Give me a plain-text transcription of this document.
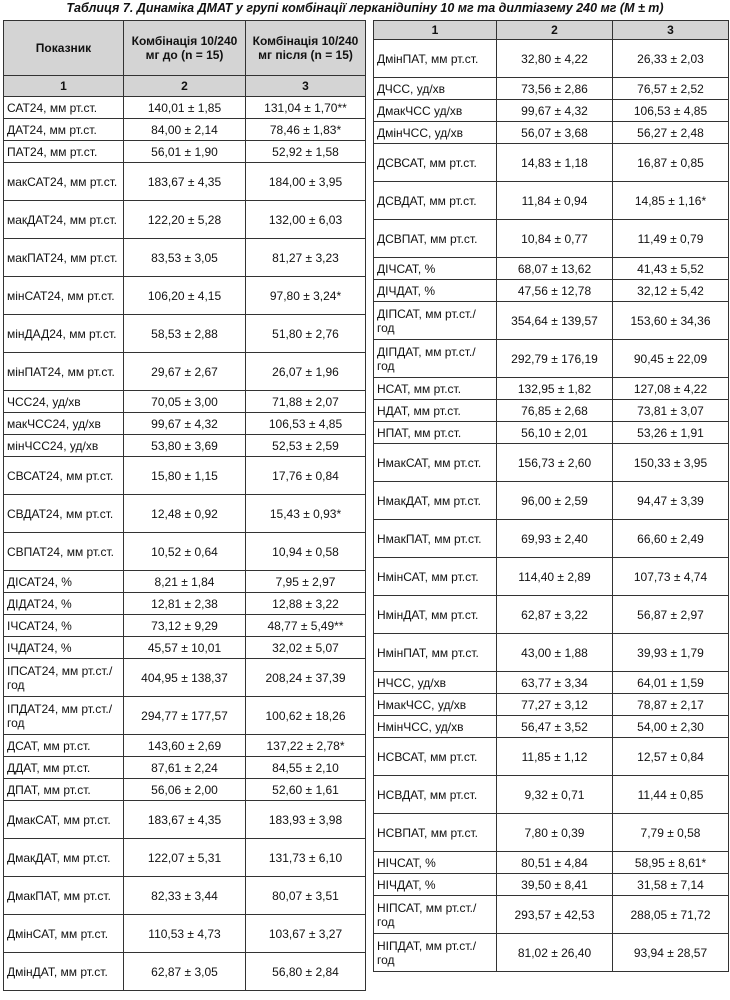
Таблиця 7. Динаміка ДМАТ у групі комбінації лерканідипіну 10 мг та дилтіазему 240 мг (М ± m)
Показник	Комбінація 10/240 мг до (n = 15)	Комбінація 10/240 мг після (n = 15)
1	2	3
САТ24, мм рт.ст.	140,01 ± 1,85	131,04 ± 1,70**
ДАТ24, мм рт.ст.	84,00 ± 2,14	78,46 ± 1,83*
ПАТ24, мм рт.ст.	56,01 ± 1,90	52,92 ± 1,58
макСАТ24, мм рт.ст.	183,67 ± 4,35	184,00 ± 3,95
макДАТ24, мм рт.ст.	122,20 ± 5,28	132,00 ± 6,03
макПАТ24, мм рт.ст.	83,53 ± 3,05	81,27 ± 3,23
мінСАТ24, мм рт.ст.	106,20 ± 4,15	97,80 ± 3,24*
мінДАД24, мм рт.ст.	58,53 ± 2,88	51,80 ± 2,76
мінПАТ24, мм рт.ст.	29,67 ± 2,67	26,07 ± 1,96
ЧСС24, уд/хв	70,05 ± 3,00	71,88 ± 2,07
макЧСС24, уд/хв	99,67 ± 4,32	106,53 ± 4,85
мінЧСС24, уд/хв	53,80 ± 3,69	52,53 ± 2,59
СВСАТ24, мм рт.ст.	15,80 ± 1,15	17,76 ± 0,84
СВДАТ24, мм рт.ст.	12,48 ± 0,92	15,43 ± 0,93*
СВПАТ24, мм рт.ст.	10,52 ± 0,64	10,94 ± 0,58
ДІСАТ24, %	8,21 ± 1,84	7,95 ± 2,97
ДІДАТ24, %	12,81 ± 2,38	12,88 ± 3,22
ІЧСАТ24, %	73,12 ± 9,29	48,77 ± 5,49**
ІЧДАТ24, %	45,57 ± 10,01	32,02 ± 5,07
ІПСАТ24, мм рт.ст./год	404,95 ± 138,37	208,24 ± 37,39
ІПДАТ24, мм рт.ст./год	294,77 ± 177,57	100,62 ± 18,26
ДСАТ, мм рт.ст.	143,60 ± 2,69	137,22 ± 2,78*
ДДАТ, мм рт.ст.	87,61 ± 2,24	84,55 ± 2,10
ДПАТ, мм рт.ст.	56,06 ± 2,00	52,60 ± 1,61
ДмакСАТ, мм рт.ст.	183,67 ± 4,35	183,93 ± 3,98
ДмакДАТ, мм рт.ст.	122,07 ± 5,31	131,73 ± 6,10
ДмакПАТ, мм рт.ст.	82,33 ± 3,44	80,07 ± 3,51
ДмінСАТ, мм рт.ст.	110,53 ± 4,73	103,67 ± 3,27
ДмінДАТ, мм рт.ст.	62,87 ± 3,05	56,80 ± 2,84
1	2	3
ДмінПАТ, мм рт.ст.	32,80 ± 4,22	26,33 ± 2,03
ДЧСС, уд/хв	73,56 ± 2,86	76,57 ± 2,52
ДмакЧСС уд/хв	99,67 ± 4,32	106,53 ± 4,85
ДмінЧСС, уд/хв	56,07 ± 3,68	56,27 ± 2,48
ДСВСАТ, мм рт.ст.	14,83 ± 1,18	16,87 ± 0,85
ДСВДАТ, мм рт.ст.	11,84 ± 0,94	14,85 ± 1,16*
ДСВПАТ, мм рт.ст.	10,84 ± 0,77	11,49 ± 0,79
ДІЧСАТ, %	68,07 ± 13,62	41,43 ± 5,52
ДІЧДАТ, %	47,56 ± 12,78	32,12 ± 5,42
ДІПСАТ, мм рт.ст./год	354,64 ± 139,57	153,60 ± 34,36
ДІПДАТ, мм рт.ст./год	292,79 ± 176,19	90,45 ± 22,09
НСАТ, мм рт.ст.	132,95 ± 1,82	127,08 ± 4,22
НДАТ, мм рт.ст.	76,85 ± 2,68	73,81 ± 3,07
НПАТ, мм рт.ст.	56,10 ± 2,01	53,26 ± 1,91
НмакСАТ, мм рт.ст.	156,73 ± 2,60	150,33 ± 3,95
НмакДАТ, мм рт.ст.	96,00 ± 2,59	94,47 ± 3,39
НмакПАТ, мм рт.ст.	69,93 ± 2,40	66,60 ± 2,49
НмінСАТ, мм рт.ст.	114,40 ± 2,89	107,73 ± 4,74
НмінДАТ, мм рт.ст.	62,87 ± 3,22	56,87 ± 2,97
НмінПАТ, мм рт.ст.	43,00 ± 1,88	39,93 ± 1,79
НЧСС, уд/хв	63,77 ± 3,34	64,01 ± 1,59
НмакЧСС, уд/хв	77,27 ± 3,12	78,87 ± 2,17
НмінЧСС, уд/хв	56,47 ± 3,52	54,00 ± 2,30
НСВСАТ, мм рт.ст.	11,85 ± 1,12	12,57 ± 0,84
НСВДАТ, мм рт.ст.	9,32 ± 0,71	11,44 ± 0,85
НСВПАТ, мм рт.ст.	7,80 ± 0,39	7,79 ± 0,58
НІЧСАТ, %	80,51 ± 4,84	58,95 ± 8,61*
НІЧДАТ, %	39,50 ± 8,41	31,58 ± 7,14
НІПСАТ, мм рт.ст./год	293,57 ± 42,53	288,05 ± 71,72
НІПДАТ, мм рт.ст./год	81,02 ± 26,40	93,94 ± 28,57
